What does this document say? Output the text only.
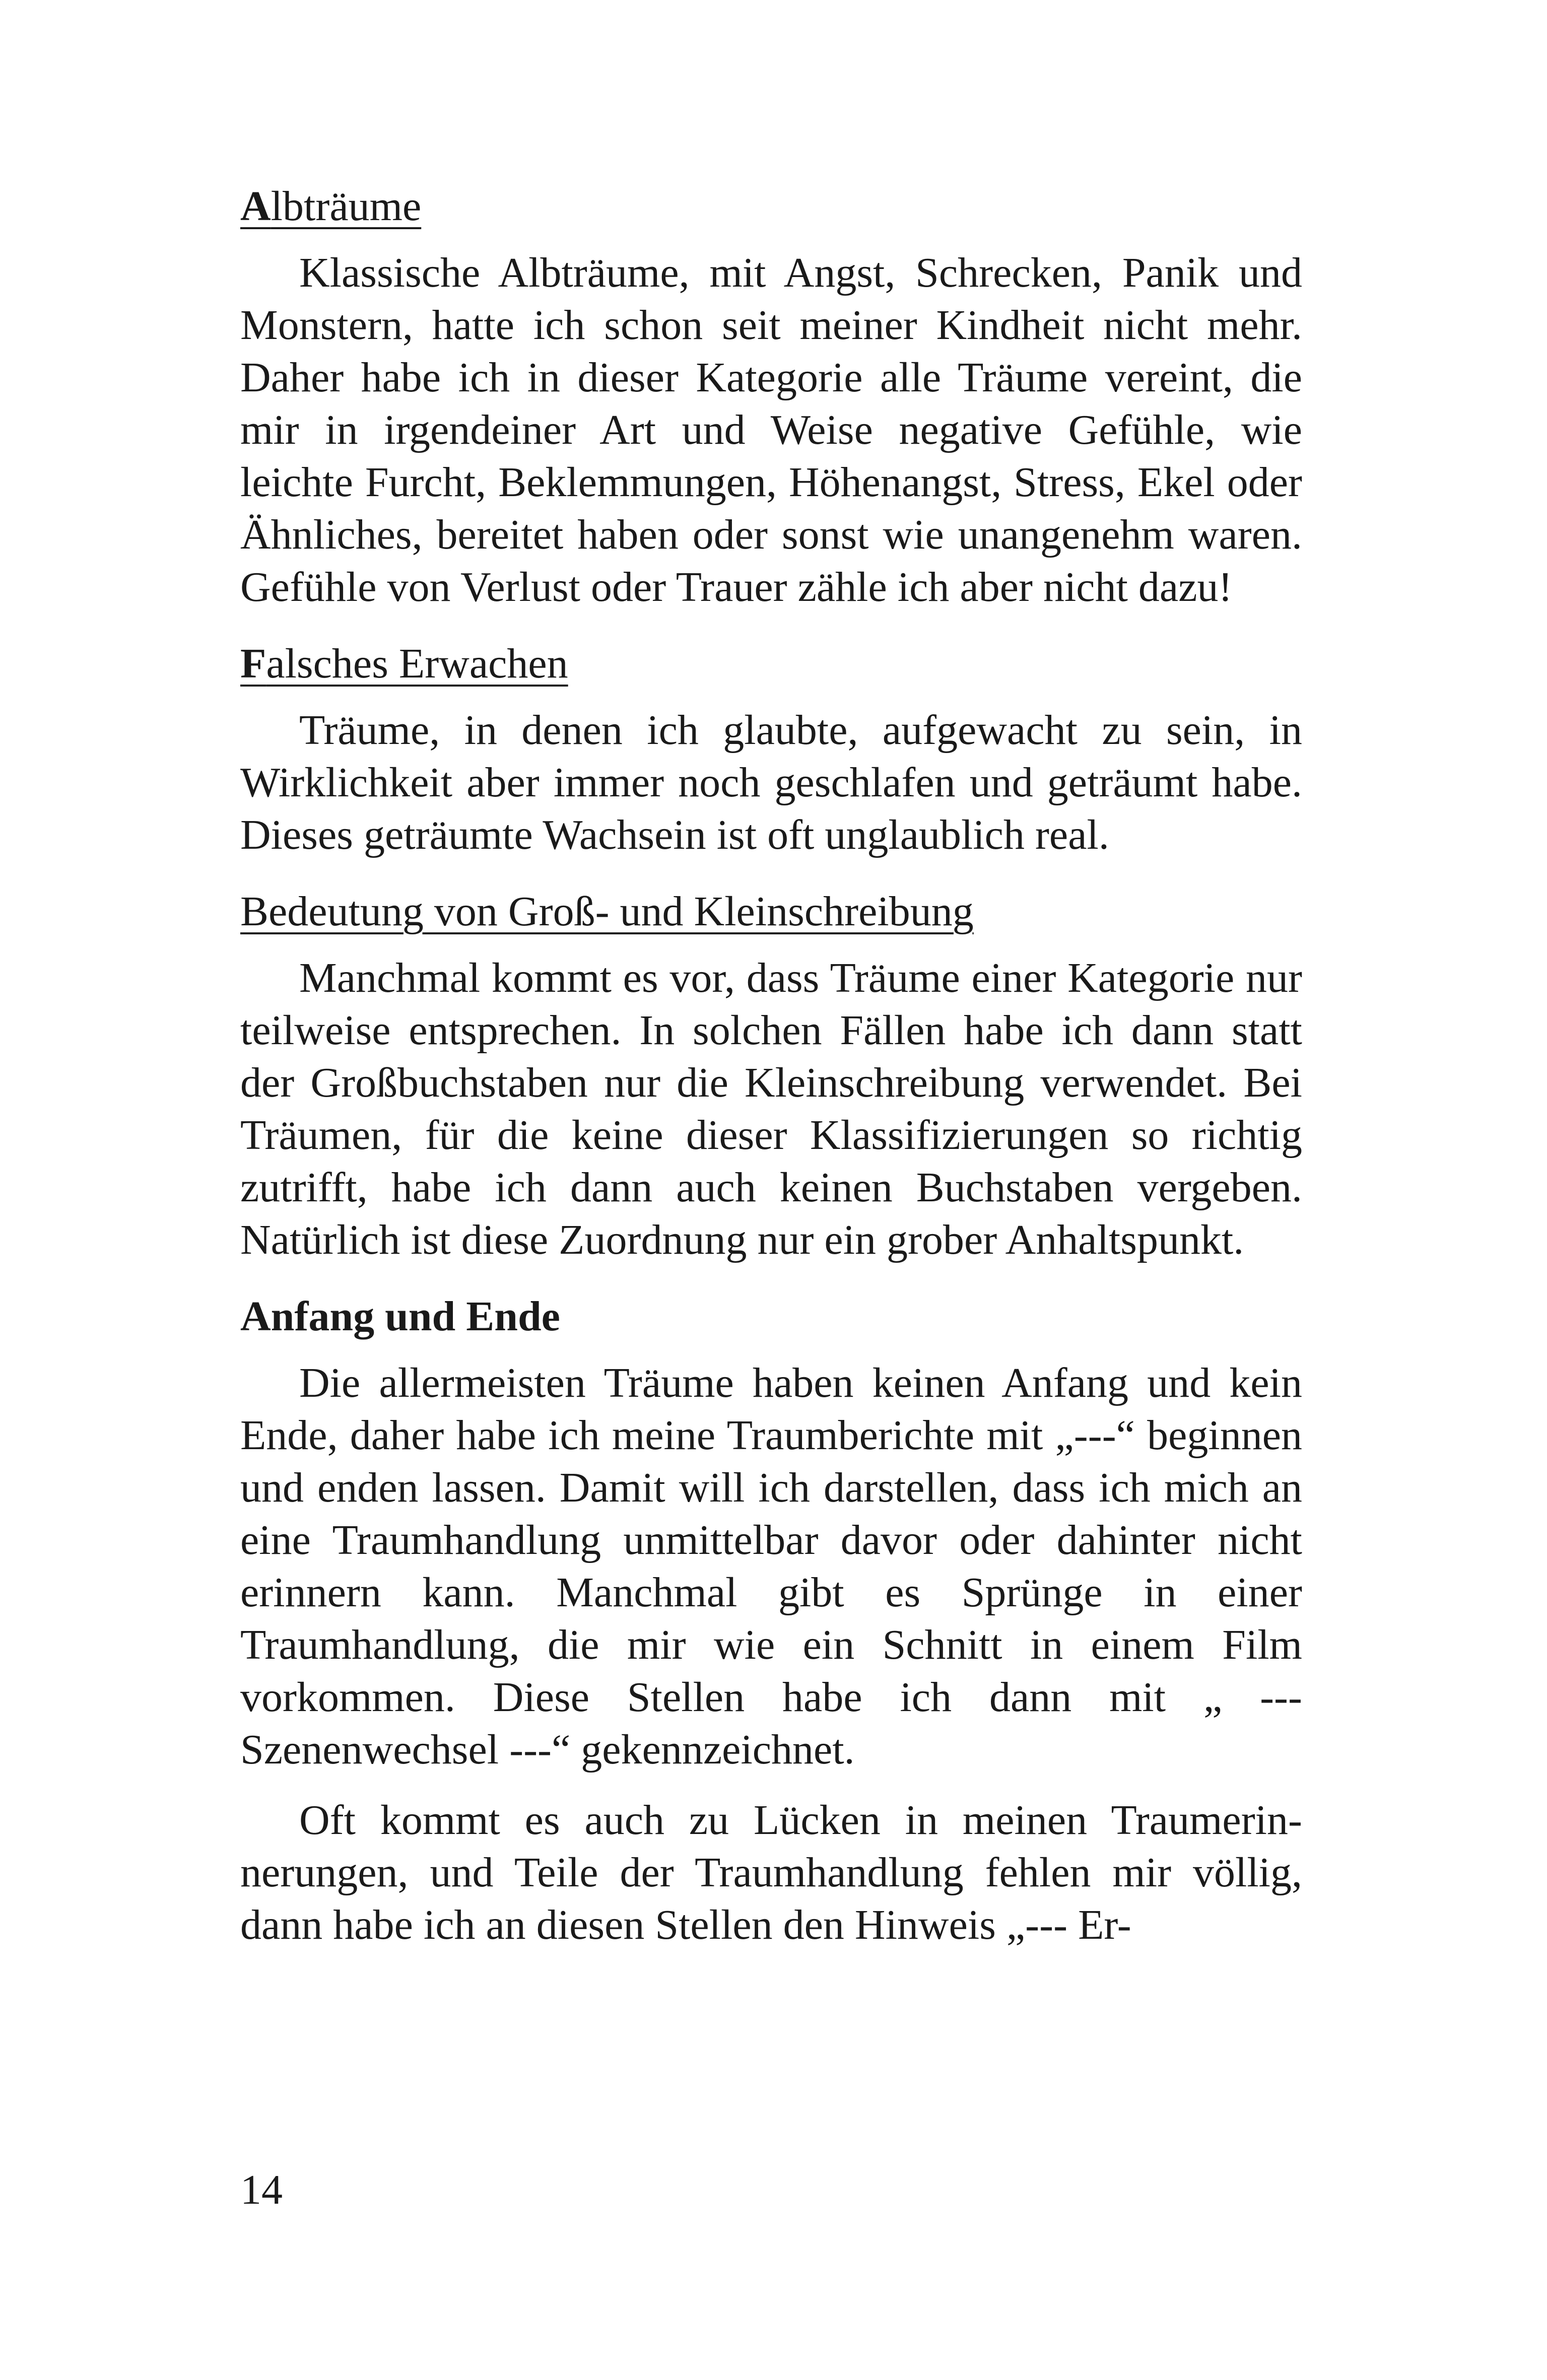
Albträume

Klassische Albträume, mit Angst, Schrecken, Panik und Monstern, hatte ich schon seit meiner Kindheit nicht mehr. Daher habe ich in dieser Kategorie alle Träume vereint, die mir in irgendeiner Art und Weise negative Gefühle, wie leichte Furcht, Beklemmungen, Höhenangst, Stress, Ekel oder Ähnliches, bereitet haben oder sonst wie unangenehm waren. Gefühle von Verlust oder Trauer zähle ich aber nicht dazu!

Falsches Erwachen

Träume, in denen ich glaubte, aufgewacht zu sein, in Wirklichkeit aber immer noch geschlafen und geträumt habe. Dieses geträumte Wachsein ist oft unglaublich real.

Bedeutung von Groß- und Kleinschreibung

Manchmal kommt es vor, dass Träume einer Kategorie nur teilweise entsprechen. In solchen Fällen habe ich dann statt der Großbuchstaben nur die Kleinschreibung verwendet. Bei Träumen, für die keine dieser Klassifizierungen so richtig zutrifft, habe ich dann auch keinen Buchstaben vergeben. Natürlich ist diese Zuordnung nur ein grober Anhaltspunkt.

Anfang und Ende

Die allermeisten Träume haben keinen Anfang und kein Ende, daher habe ich meine Traumberichte mit „---“ beginnen und enden lassen. Damit will ich darstellen, dass ich mich an eine Traumhandlung unmittelbar davor oder dahinter nicht erinnern kann. Manchmal gibt es Sprünge in einer Traumhandlung, die mir wie ein Schnitt in einem Film vorkommen. Diese Stellen habe ich dann mit „ --- Szenenwechsel ---“ gekennzeichnet.

Oft kommt es auch zu Lücken in meinen Traumerinnerungen, und Teile der Traumhandlung fehlen mir völlig, dann habe ich an diesen Stellen den Hinweis „--- Er-

14
